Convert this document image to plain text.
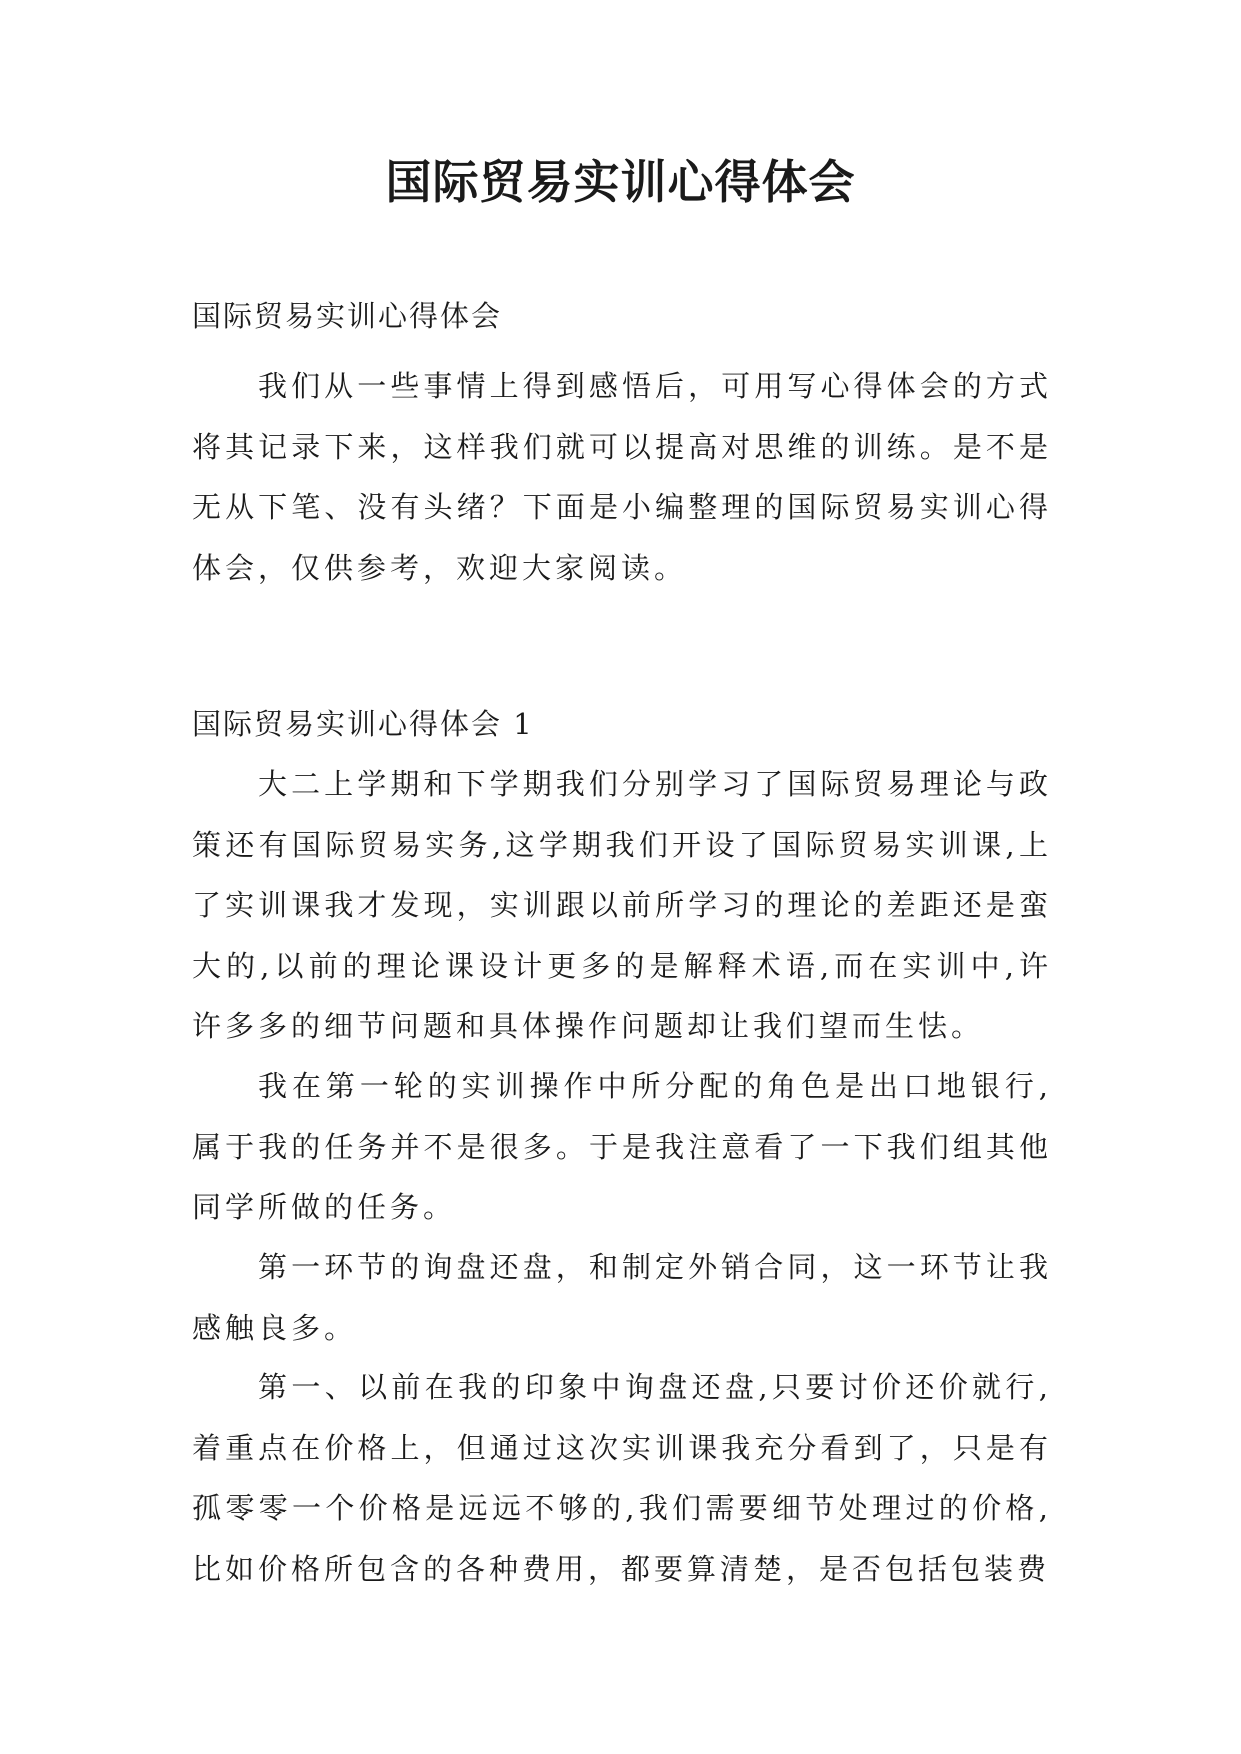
国际贸易实训心得体会

国际贸易实训心得体会

我们从一些事情上得到感悟后，可用写心得体会的方式将其记录下来，这样我们就可以提高对思维的训练。是不是无从下笔、没有头绪？下面是小编整理的国际贸易实训心得体会，仅供参考，欢迎大家阅读。

国际贸易实训心得体会 1

大二上学期和下学期我们分别学习了国际贸易理论与政策还有国际贸易实务,这学期我们开设了国际贸易实训课,上了实训课我才发现，实训跟以前所学习的理论的差距还是蛮大的,以前的理论课设计更多的是解释术语,而在实训中,许许多多的细节问题和具体操作问题却让我们望而生怯。

我在第一轮的实训操作中所分配的角色是出口地银行,属于我的任务并不是很多。于是我注意看了一下我们组其他同学所做的任务。

第一环节的询盘还盘，和制定外销合同，这一环节让我感触良多。

第一、以前在我的印象中询盘还盘,只要讨价还价就行,着重点在价格上，但通过这次实训课我充分看到了，只是有孤零零一个价格是远远不够的,我们需要细节处理过的价格,比如价格所包含的各种费用，都要算清楚，是否包括包装费
